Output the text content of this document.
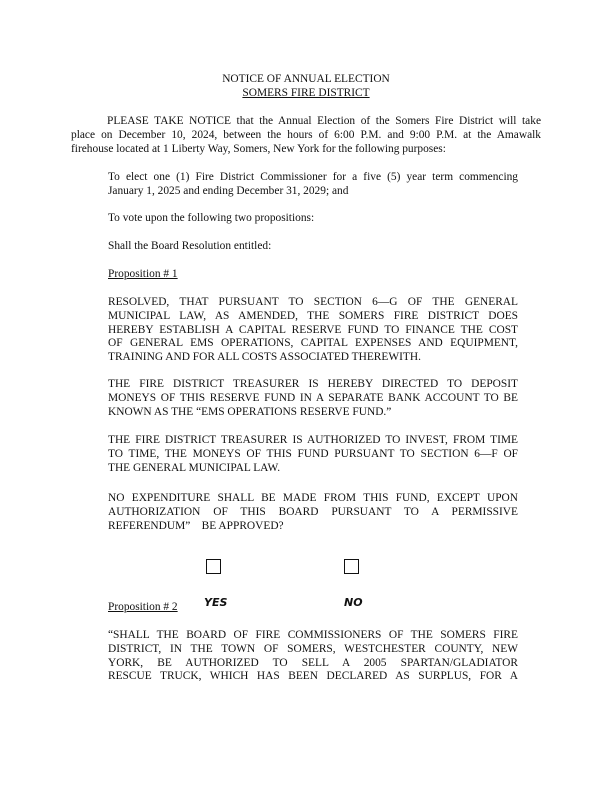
NOTICE OF ANNUAL ELECTION
SOMERS FIRE DISTRICT
PLEASE TAKE NOTICE that the Annual Election of the Somers Fire District will take
place on December 10, 2024, between the hours of 6:00 P.M. and 9:00 P.M. at the Amawalk
firehouse located at 1 Liberty Way, Somers, New York for the following purposes:
To elect one (1) Fire District Commissioner for a five (5) year term commencing
January 1, 2025 and ending December 31, 2029; and
To vote upon the following two propositions:
Shall the Board Resolution entitled:
Proposition # 1
RESOLVED, THAT PURSUANT TO SECTION 6—G OF THE GENERAL
MUNICIPAL LAW, AS AMENDED, THE SOMERS FIRE DISTRICT DOES
HEREBY ESTABLISH A CAPITAL RESERVE FUND TO FINANCE THE COST
OF GENERAL EMS OPERATIONS, CAPITAL EXPENSES AND EQUIPMENT,
TRAINING AND FOR ALL COSTS ASSOCIATED THEREWITH.
THE FIRE DISTRICT TREASURER IS HEREBY DIRECTED TO DEPOSIT
MONEYS OF THIS RESERVE FUND IN A SEPARATE BANK ACCOUNT TO BE
KNOWN AS THE “EMS OPERATIONS RESERVE FUND.”
THE FIRE DISTRICT TREASURER IS AUTHORIZED TO INVEST, FROM TIME
TO TIME, THE MONEYS OF THIS FUND PURSUANT TO SECTION 6—F OF
THE GENERAL MUNICIPAL LAW.
NO EXPENDITURE SHALL BE MADE FROM THIS FUND, EXCEPT UPON
AUTHORIZATION OF THIS BOARD PURSUANT TO A PERMISSIVE
REFERENDUM”    BE APPROVED?
YES	NO
Proposition # 2
“SHALL THE BOARD OF FIRE COMMISSIONERS OF THE SOMERS FIRE
DISTRICT, IN THE TOWN OF SOMERS, WESTCHESTER COUNTY, NEW
YORK, BE AUTHORIZED TO SELL A 2005 SPARTAN/GLADIATOR
RESCUE TRUCK, WHICH HAS BEEN DECLARED AS SURPLUS, FOR A
